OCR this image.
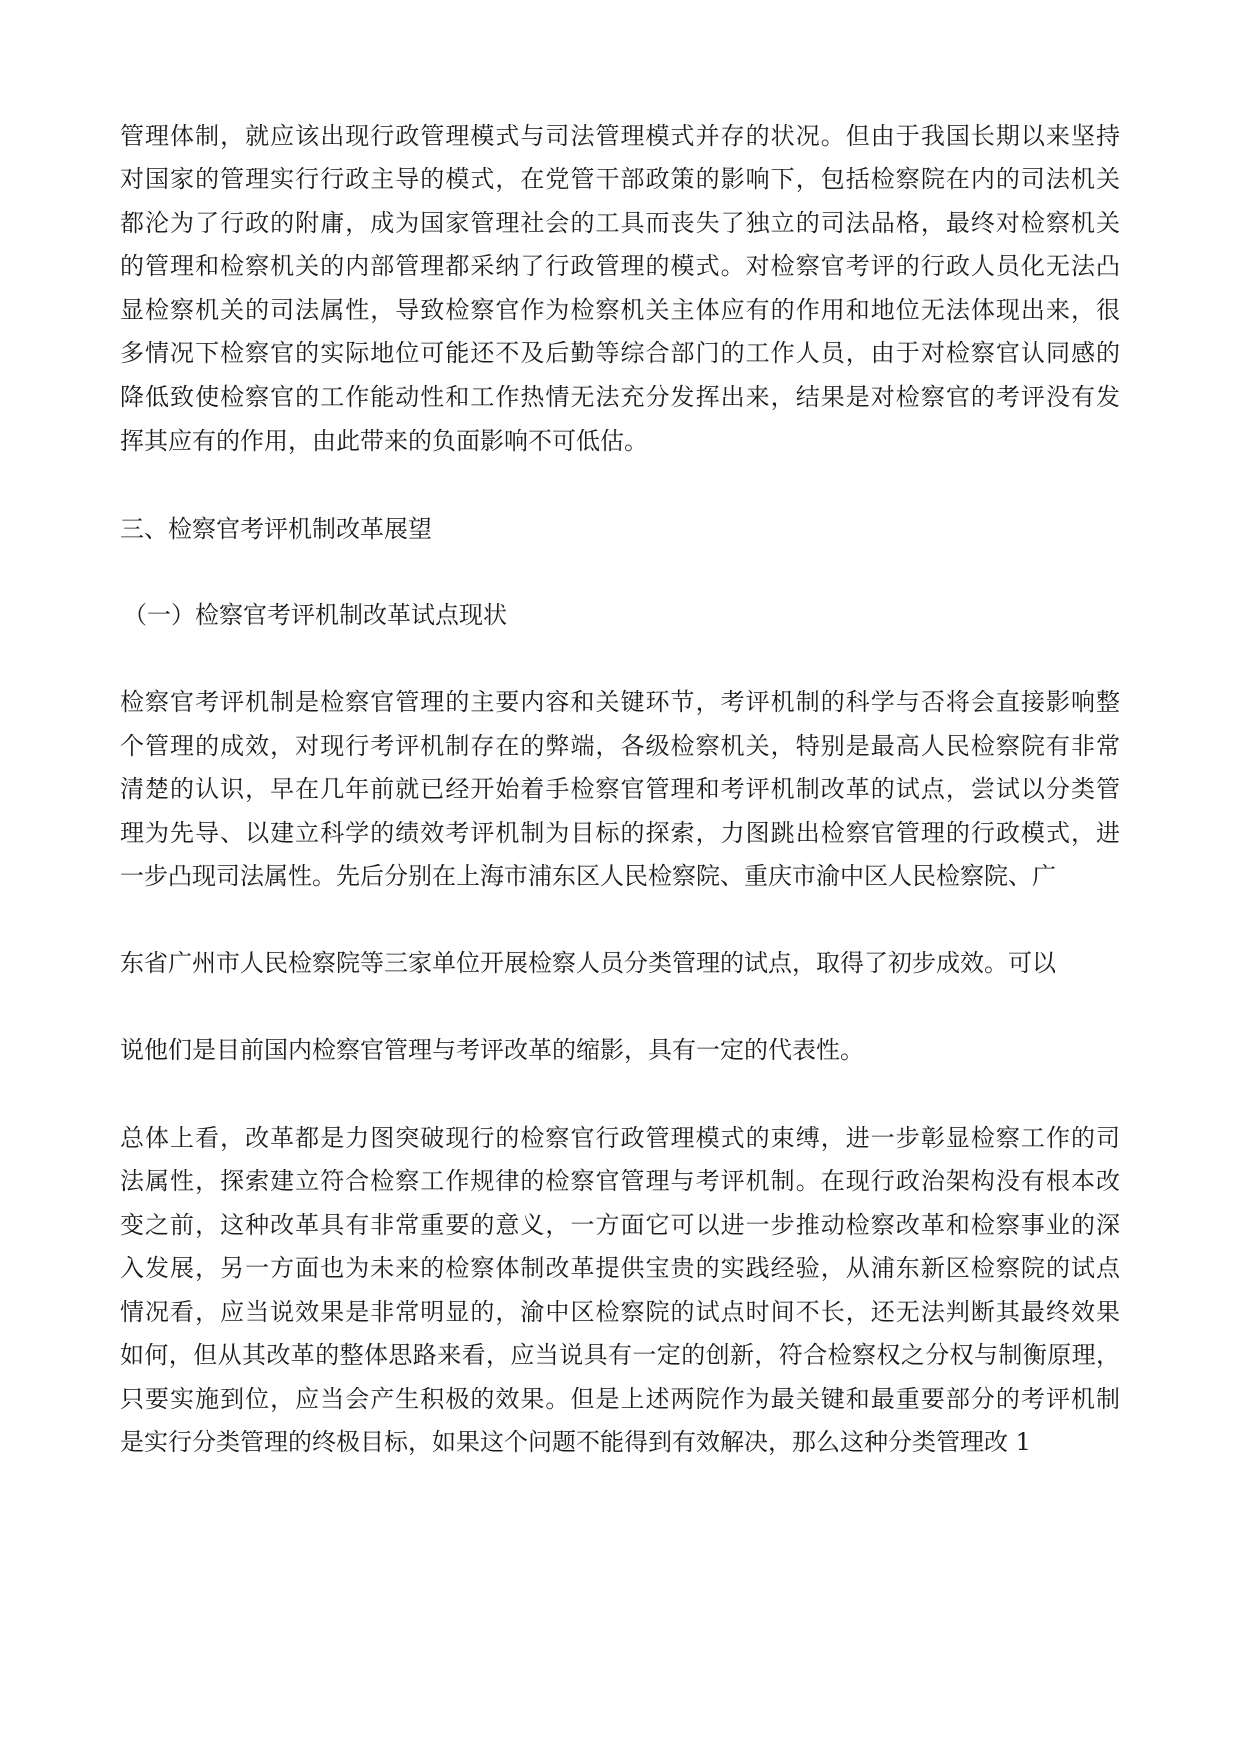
管理体制，就应该出现行政管理模式与司法管理模式并存的状况。但由于我国长期以来坚持

对国家的管理实行行政主导的模式，在党管干部政策的影响下，包括检察院在内的司法机关

都沦为了行政的附庸，成为国家管理社会的工具而丧失了独立的司法品格，最终对检察机关

的管理和检察机关的内部管理都采纳了行政管理的模式。对检察官考评的行政人员化无法凸

显检察机关的司法属性，导致检察官作为检察机关主体应有的作用和地位无法体现出来，很

多情况下检察官的实际地位可能还不及后勤等综合部门的工作人员，由于对检察官认同感的

降低致使检察官的工作能动性和工作热情无法充分发挥出来，结果是对检察官的考评没有发

挥其应有的作用，由此带来的负面影响不可低估。

三、检察官考评机制改革展望

（一）检察官考评机制改革试点现状

检察官考评机制是检察官管理的主要内容和关键环节，考评机制的科学与否将会直接影响整

个管理的成效，对现行考评机制存在的弊端，各级检察机关，特别是最高人民检察院有非常

清楚的认识，早在几年前就已经开始着手检察官管理和考评机制改革的试点，尝试以分类管

理为先导、以建立科学的绩效考评机制为目标的探索，力图跳出检察官管理的行政模式，进

一步凸现司法属性。先后分别在上海市浦东区人民检察院、重庆市渝中区人民检察院、广

东省广州市人民检察院等三家单位开展检察人员分类管理的试点，取得了初步成效。可以

说他们是目前国内检察官管理与考评改革的缩影，具有一定的代表性。

总体上看，改革都是力图突破现行的检察官行政管理模式的束缚，进一步彰显检察工作的司

法属性，探索建立符合检察工作规律的检察官管理与考评机制。在现行政治架构没有根本改

变之前，这种改革具有非常重要的意义，一方面它可以进一步推动检察改革和检察事业的深

入发展，另一方面也为未来的检察体制改革提供宝贵的实践经验，从浦东新区检察院的试点

情况看，应当说效果是非常明显的，渝中区检察院的试点时间不长，还无法判断其最终效果

如何，但从其改革的整体思路来看，应当说具有一定的创新，符合检察权之分权与制衡原理，

只要实施到位，应当会产生积极的效果。但是上述两院作为最关键和最重要部分的考评机制

是实行分类管理的终极目标，如果这个问题不能得到有效解决，那么这种分类管理改 1
